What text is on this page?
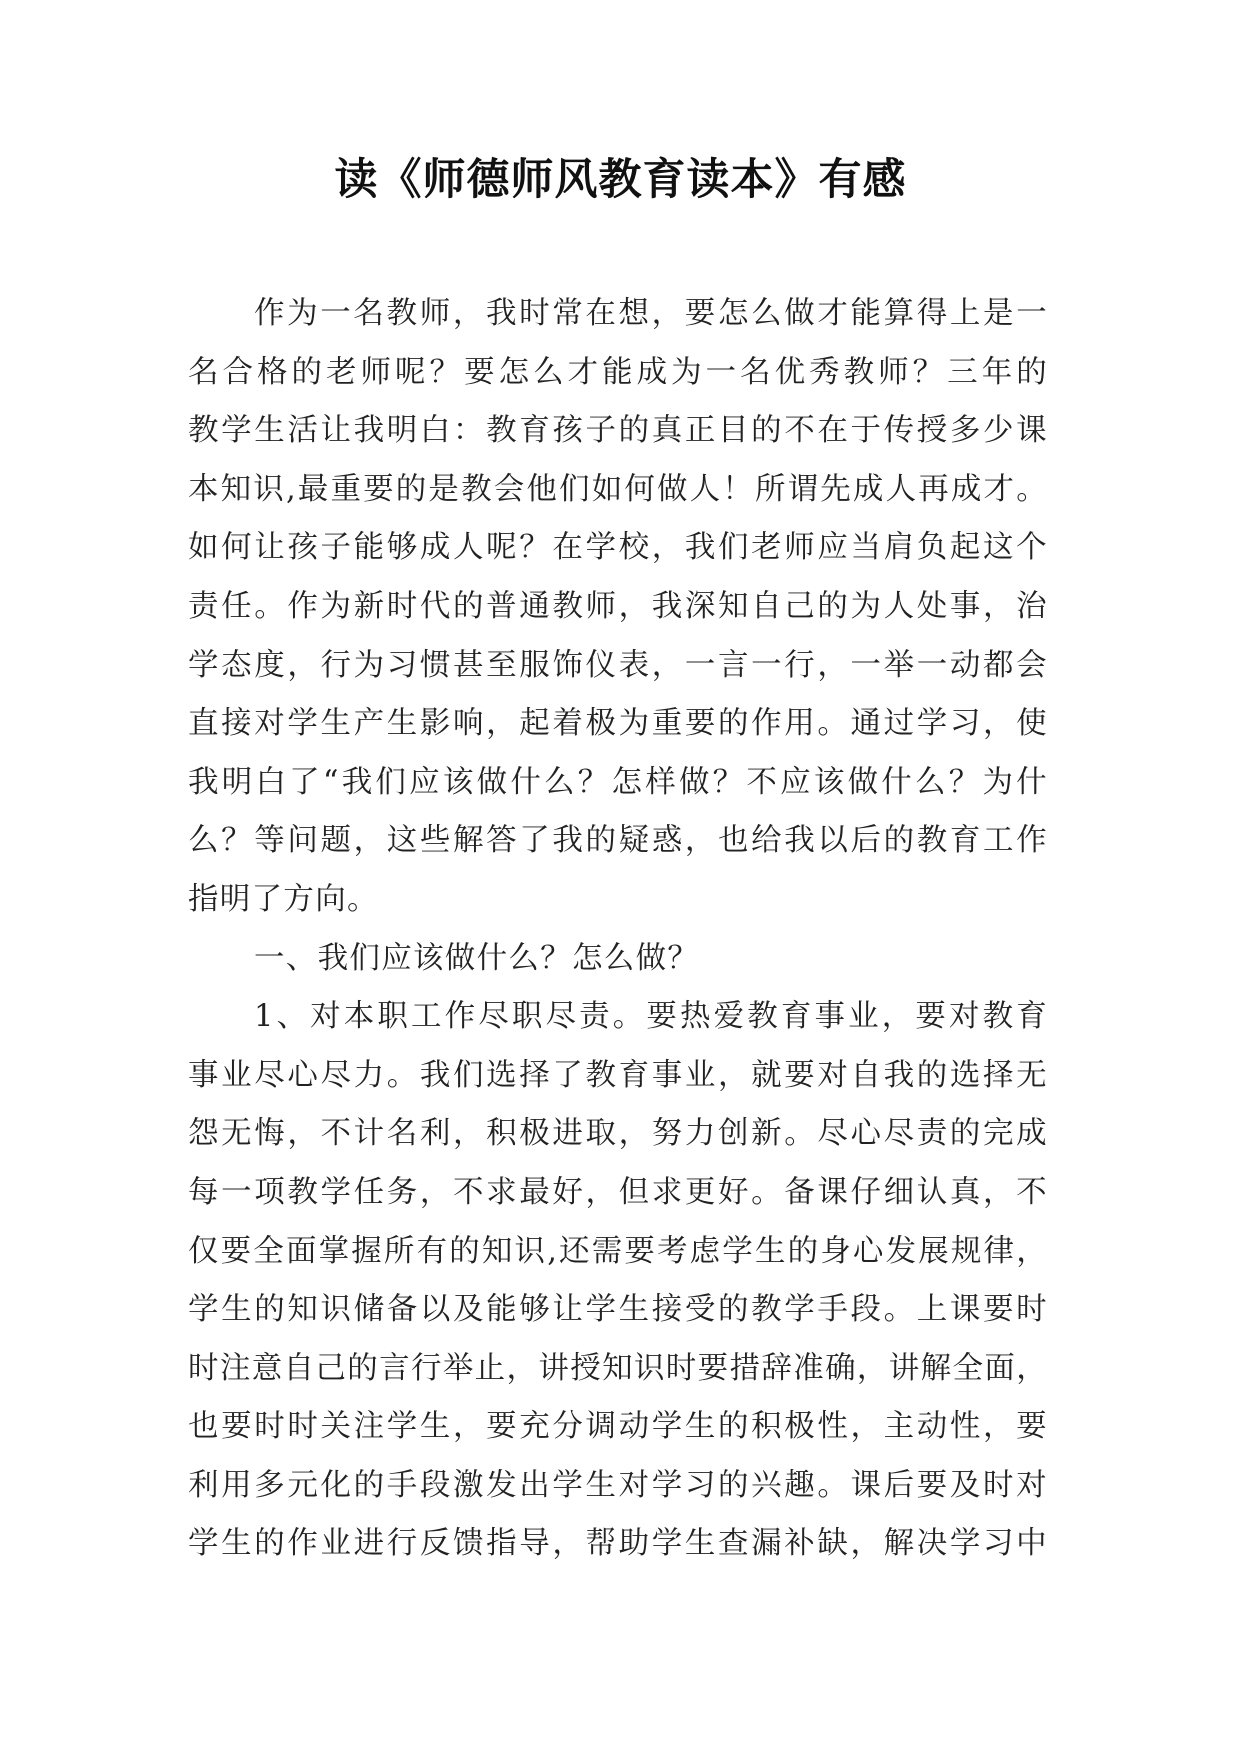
读《师德师风教育读本》有感
作为一名教师，我时常在想，要怎么做才能算得上是一
名合格的老师呢？要怎么才能成为一名优秀教师？三年的
教学生活让我明白：教育孩子的真正目的不在于传授多少课
本知识,最重要的是教会他们如何做人！所谓先成人再成才。
如何让孩子能够成人呢？在学校，我们老师应当肩负起这个
责任。作为新时代的普通教师，我深知自己的为人处事，治
学态度，行为习惯甚至服饰仪表，一言一行，一举一动都会
直接对学生产生影响，起着极为重要的作用。通过学习，使
我明白了“我们应该做什么？怎样做？不应该做什么？为什
么？等问题，这些解答了我的疑惑，也给我以后的教育工作
指明了方向。
一、我们应该做什么？怎么做？
1、对本职工作尽职尽责。要热爱教育事业，要对教育
事业尽心尽力。我们选择了教育事业，就要对自我的选择无
怨无悔，不计名利，积极进取，努力创新。尽心尽责的完成
每一项教学任务，不求最好，但求更好。备课仔细认真，不
仅要全面掌握所有的知识,还需要考虑学生的身心发展规律，
学生的知识储备以及能够让学生接受的教学手段。上课要时
时注意自己的言行举止，讲授知识时要措辞准确，讲解全面，
也要时时关注学生，要充分调动学生的积极性，主动性，要
利用多元化的手段激发出学生对学习的兴趣。课后要及时对
学生的作业进行反馈指导，帮助学生查漏补缺，解决学习中
